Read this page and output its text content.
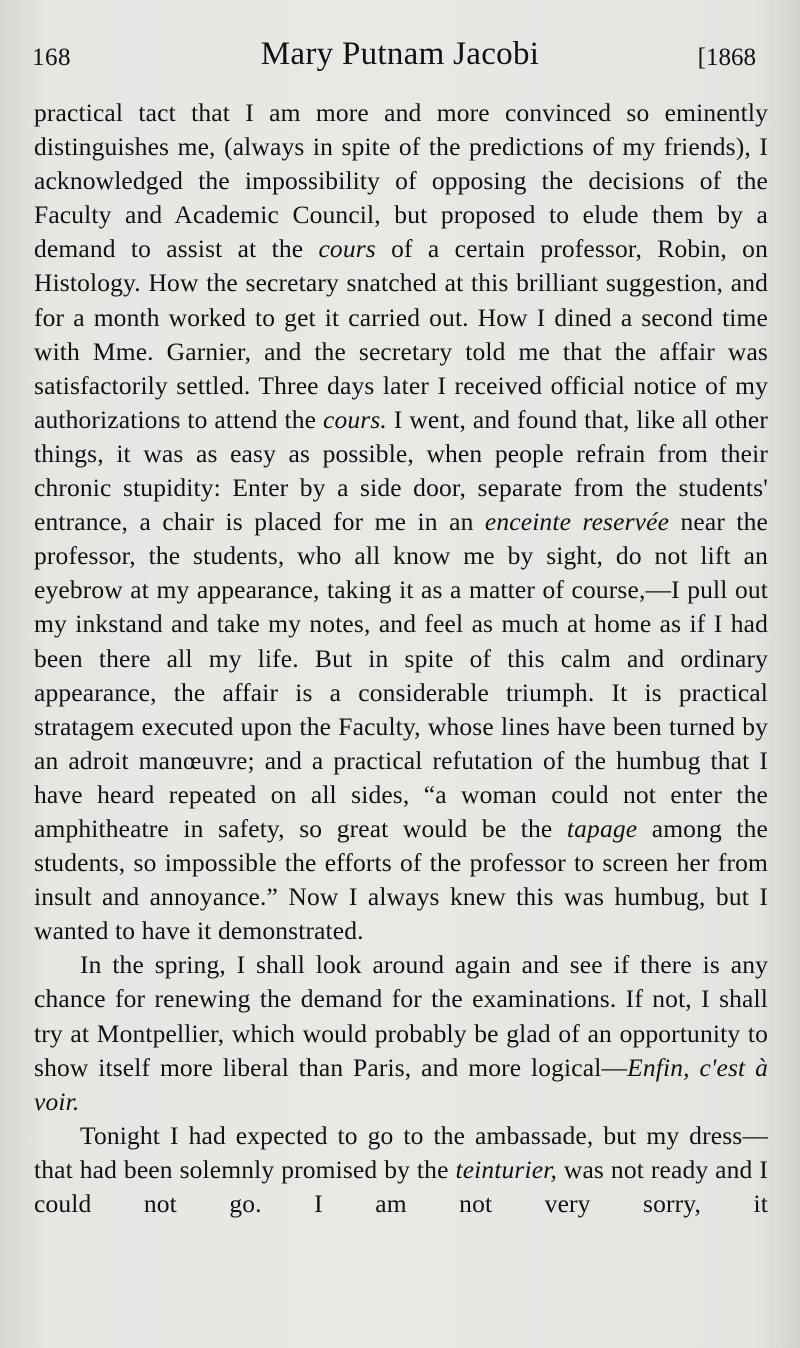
168	Mary Putnam Jacobi	[1868

practical tact that I am more and more convinced so eminently distinguishes me, (always in spite of the predictions of my friends), I acknowledged the impossibility of opposing the decisions of the Faculty and Academic Council, but proposed to elude them by a demand to assist at the cours of a certain professor, Robin, on Histology. How the secretary snatched at this brilliant suggestion, and for a month worked to get it carried out. How I dined a second time with Mme. Garnier, and the secretary told me that the affair was satisfactorily settled. Three days later I received official notice of my authorizations to attend the cours. I went, and found that, like all other things, it was as easy as possible, when people refrain from their chronic stupidity: Enter by a side door, separate from the students' entrance, a chair is placed for me in an enceinte reservée near the professor, the students, who all know me by sight, do not lift an eyebrow at my appearance, taking it as a matter of course,—I pull out my inkstand and take my notes, and feel as much at home as if I had been there all my life. But in spite of this calm and ordinary appearance, the affair is a considerable triumph. It is practical stratagem executed upon the Faculty, whose lines have been turned by an adroit manœuvre; and a practical refutation of the humbug that I have heard repeated on all sides, “a woman could not enter the amphitheatre in safety, so great would be the tapage among the students, so impossible the efforts of the professor to screen her from insult and annoyance.” Now I always knew this was humbug, but I wanted to have it demonstrated.

In the spring, I shall look around again and see if there is any chance for renewing the demand for the examinations. If not, I shall try at Montpellier, which would probably be glad of an opportunity to show itself more liberal than Paris, and more logical—Enfin, c'est à voir.

Tonight I had expected to go to the ambassade, but my dress—that had been solemnly promised by the teinturier, was not ready and I could not go. I am not very sorry, it
